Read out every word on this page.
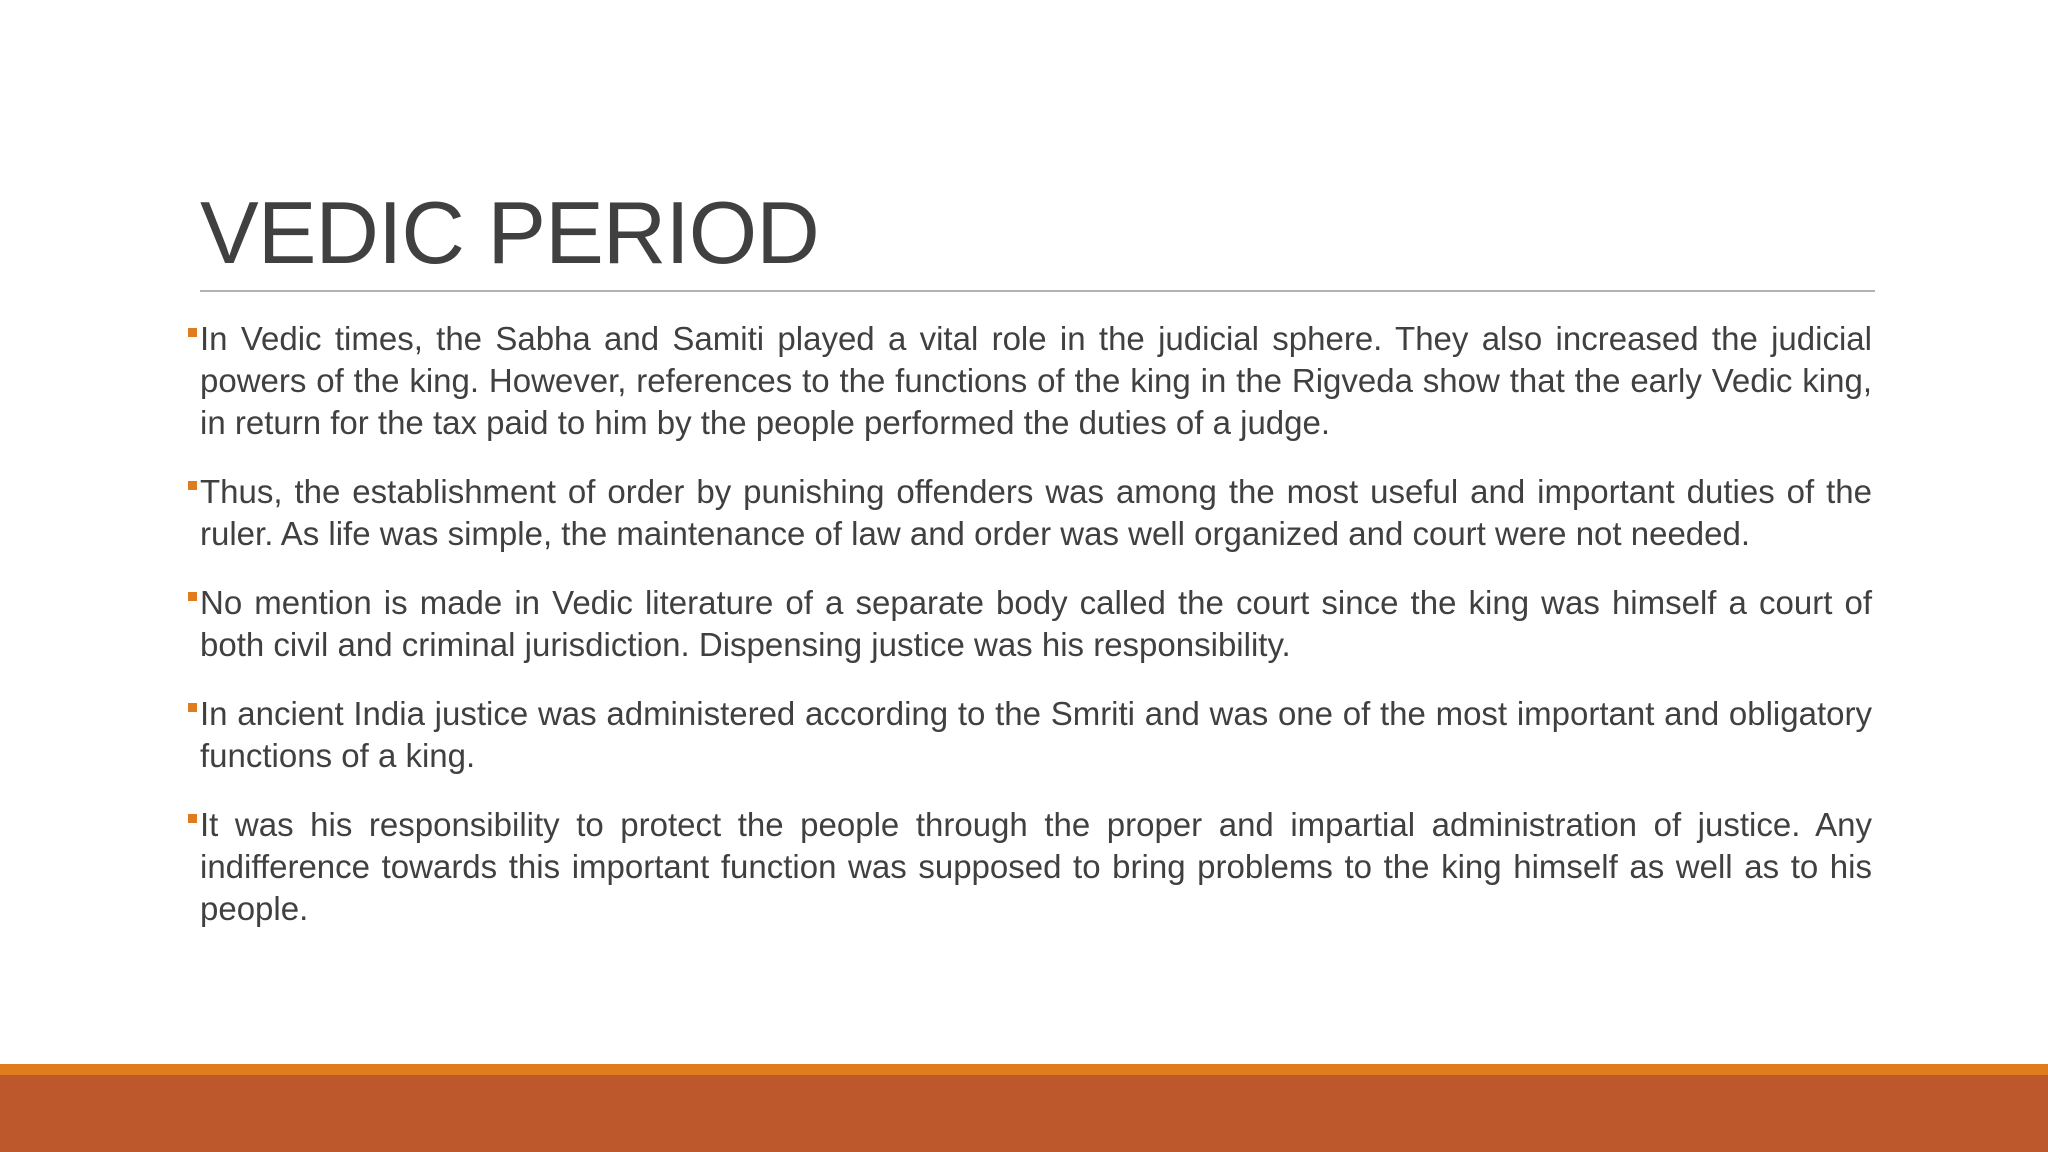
VEDIC PERIOD
In Vedic times, the Sabha and Samiti played a vital role in the judicial sphere. They also increased the judicial powers of the king. However, references to the functions of the king in the Rigveda show that the early Vedic king, in return for the tax paid to him by the people performed the duties of a judge.
Thus, the establishment of order by punishing offenders was among the most useful and important duties of the ruler. As life was simple, the maintenance of law and order was well organized and court were not needed.
No mention is made in Vedic literature of a separate body called the court since the king was himself a court of both civil and criminal jurisdiction. Dispensing justice was his responsibility.
In ancient India justice was administered according to the Smriti and was one of the most important and obligatory functions of a king.
It was his responsibility to protect the people through the proper and impartial administration of justice. Any indifference towards this important function was supposed to bring problems to the king himself as well as to his people.
